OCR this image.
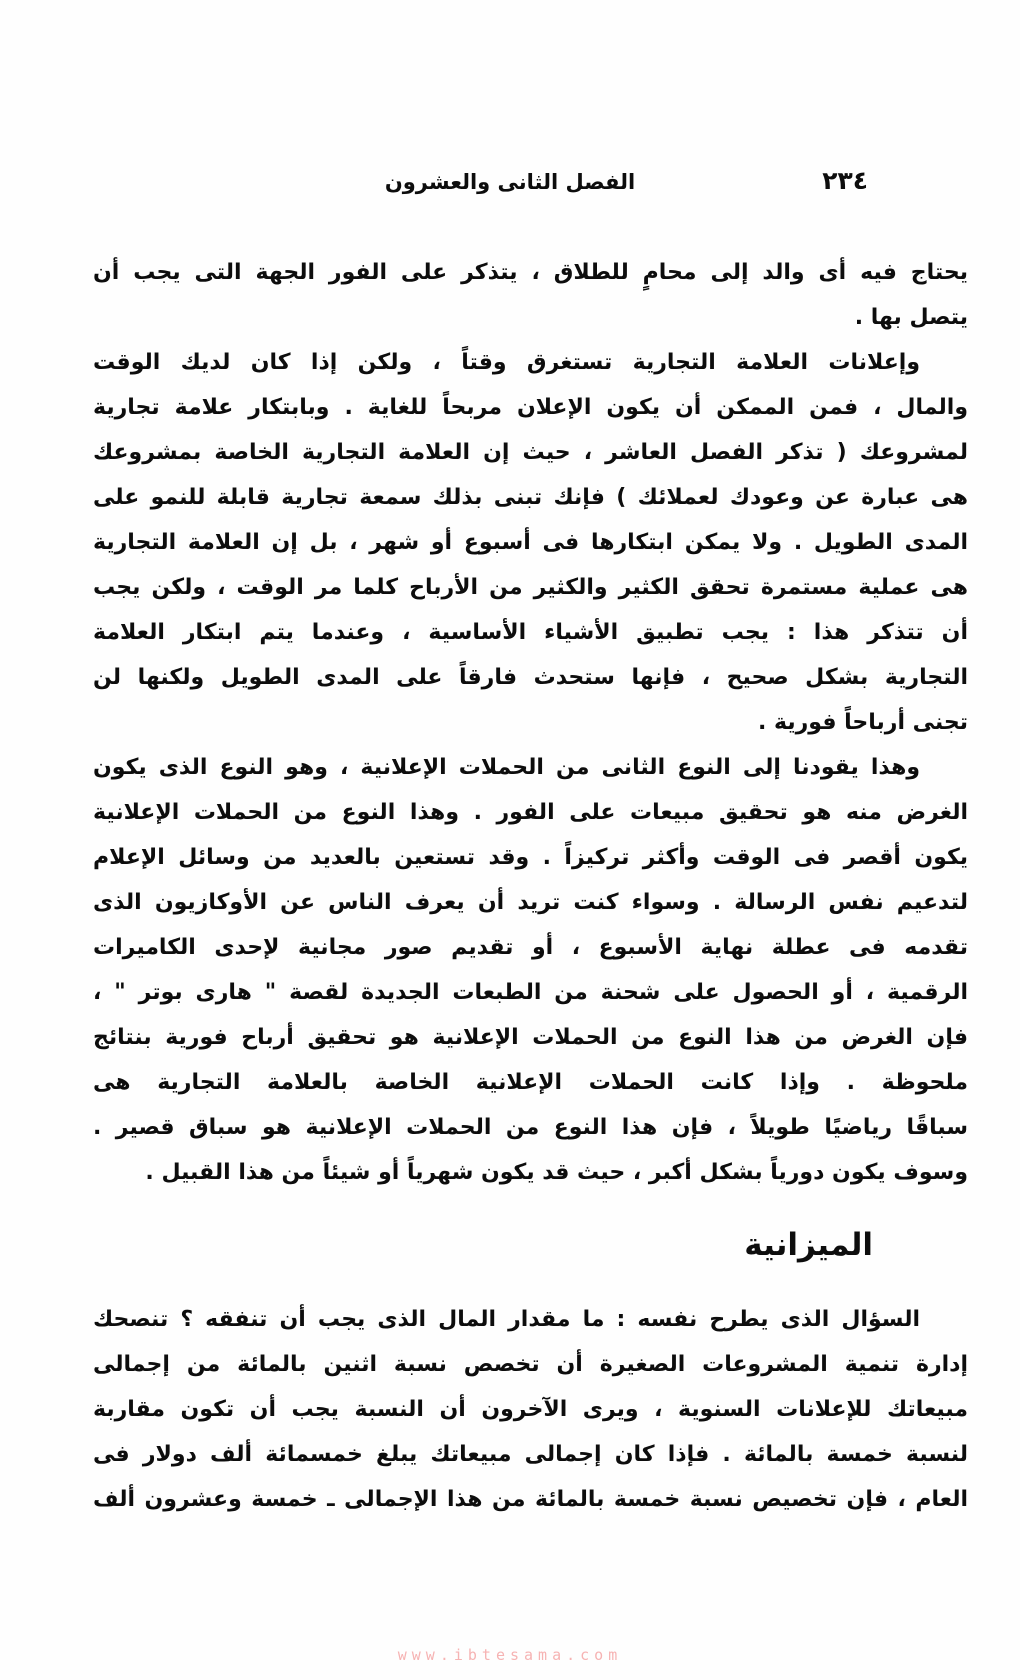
٢٣٤
الفصل الثانى والعشرون
يحتاج فيه أى والد إلى محامٍ للطلاق ، يتذكر على الفور الجهة التى يجب أن
يتصل بها .
وإعلانات العلامة التجارية تستغرق وقتاً ، ولكن إذا كان لديك الوقت
والمال ، فمن الممكن أن يكون الإعلان مربحاً للغاية . وبابتكار علامة تجارية
لمشروعك ( تذكر الفصل العاشر ، حيث إن العلامة التجارية الخاصة بمشروعك
هى عبارة عن وعودك لعملائك ) فإنك تبنى بذلك سمعة تجارية قابلة للنمو على
المدى الطويل . ولا يمكن ابتكارها فى أسبوع أو شهر ، بل إن العلامة التجارية
هى عملية مستمرة تحقق الكثير والكثير من الأرباح كلما مر الوقت ، ولكن يجب
أن تتذكر هذا : يجب تطبيق الأشياء الأساسية ، وعندما يتم ابتكار العلامة
التجارية بشكل صحيح ، فإنها ستحدث فارقاً على المدى الطويل ولكنها لن
تجنى أرباحاً فورية .
وهذا يقودنا إلى النوع الثانى من الحملات الإعلانية ، وهو النوع الذى يكون
الغرض منه هو تحقيق مبيعات على الفور . وهذا النوع من الحملات الإعلانية
يكون أقصر فى الوقت وأكثر تركيزاً . وقد تستعين بالعديد من وسائل الإعلام
لتدعيم نفس الرسالة . وسواء كنت تريد أن يعرف الناس عن الأوكازيون الذى
تقدمه فى عطلة نهاية الأسبوع ، أو تقديم صور مجانية لإحدى الكاميرات
الرقمية ، أو الحصول على شحنة من الطبعات الجديدة لقصة " هارى بوتر " ،
فإن الغرض من هذا النوع من الحملات الإعلانية هو تحقيق أرباح فورية بنتائج
ملحوظة . وإذا كانت الحملات الإعلانية الخاصة بالعلامة التجارية هى
سباقًا رياضيًا طويلاً ، فإن هذا النوع من الحملات الإعلانية هو سباق قصير .
وسوف يكون دورياً بشكل أكبر ، حيث قد يكون شهرياً أو شيئاً من هذا القبيل .
الميزانية
السؤال الذى يطرح نفسه : ما مقدار المال الذى يجب أن تنفقه ؟ تنصحك
إدارة تنمية المشروعات الصغيرة أن تخصص نسبة اثنين بالمائة من إجمالى
مبيعاتك للإعلانات السنوية ، ويرى الآخرون أن النسبة يجب أن تكون مقاربة
لنسبة خمسة بالمائة . فإذا كان إجمالى مبيعاتك يبلغ خمسمائة ألف دولار فى
العام ، فإن تخصيص نسبة خمسة بالمائة من هذا الإجمالى ـ خمسة وعشرون ألف
www.ibtesama.com
